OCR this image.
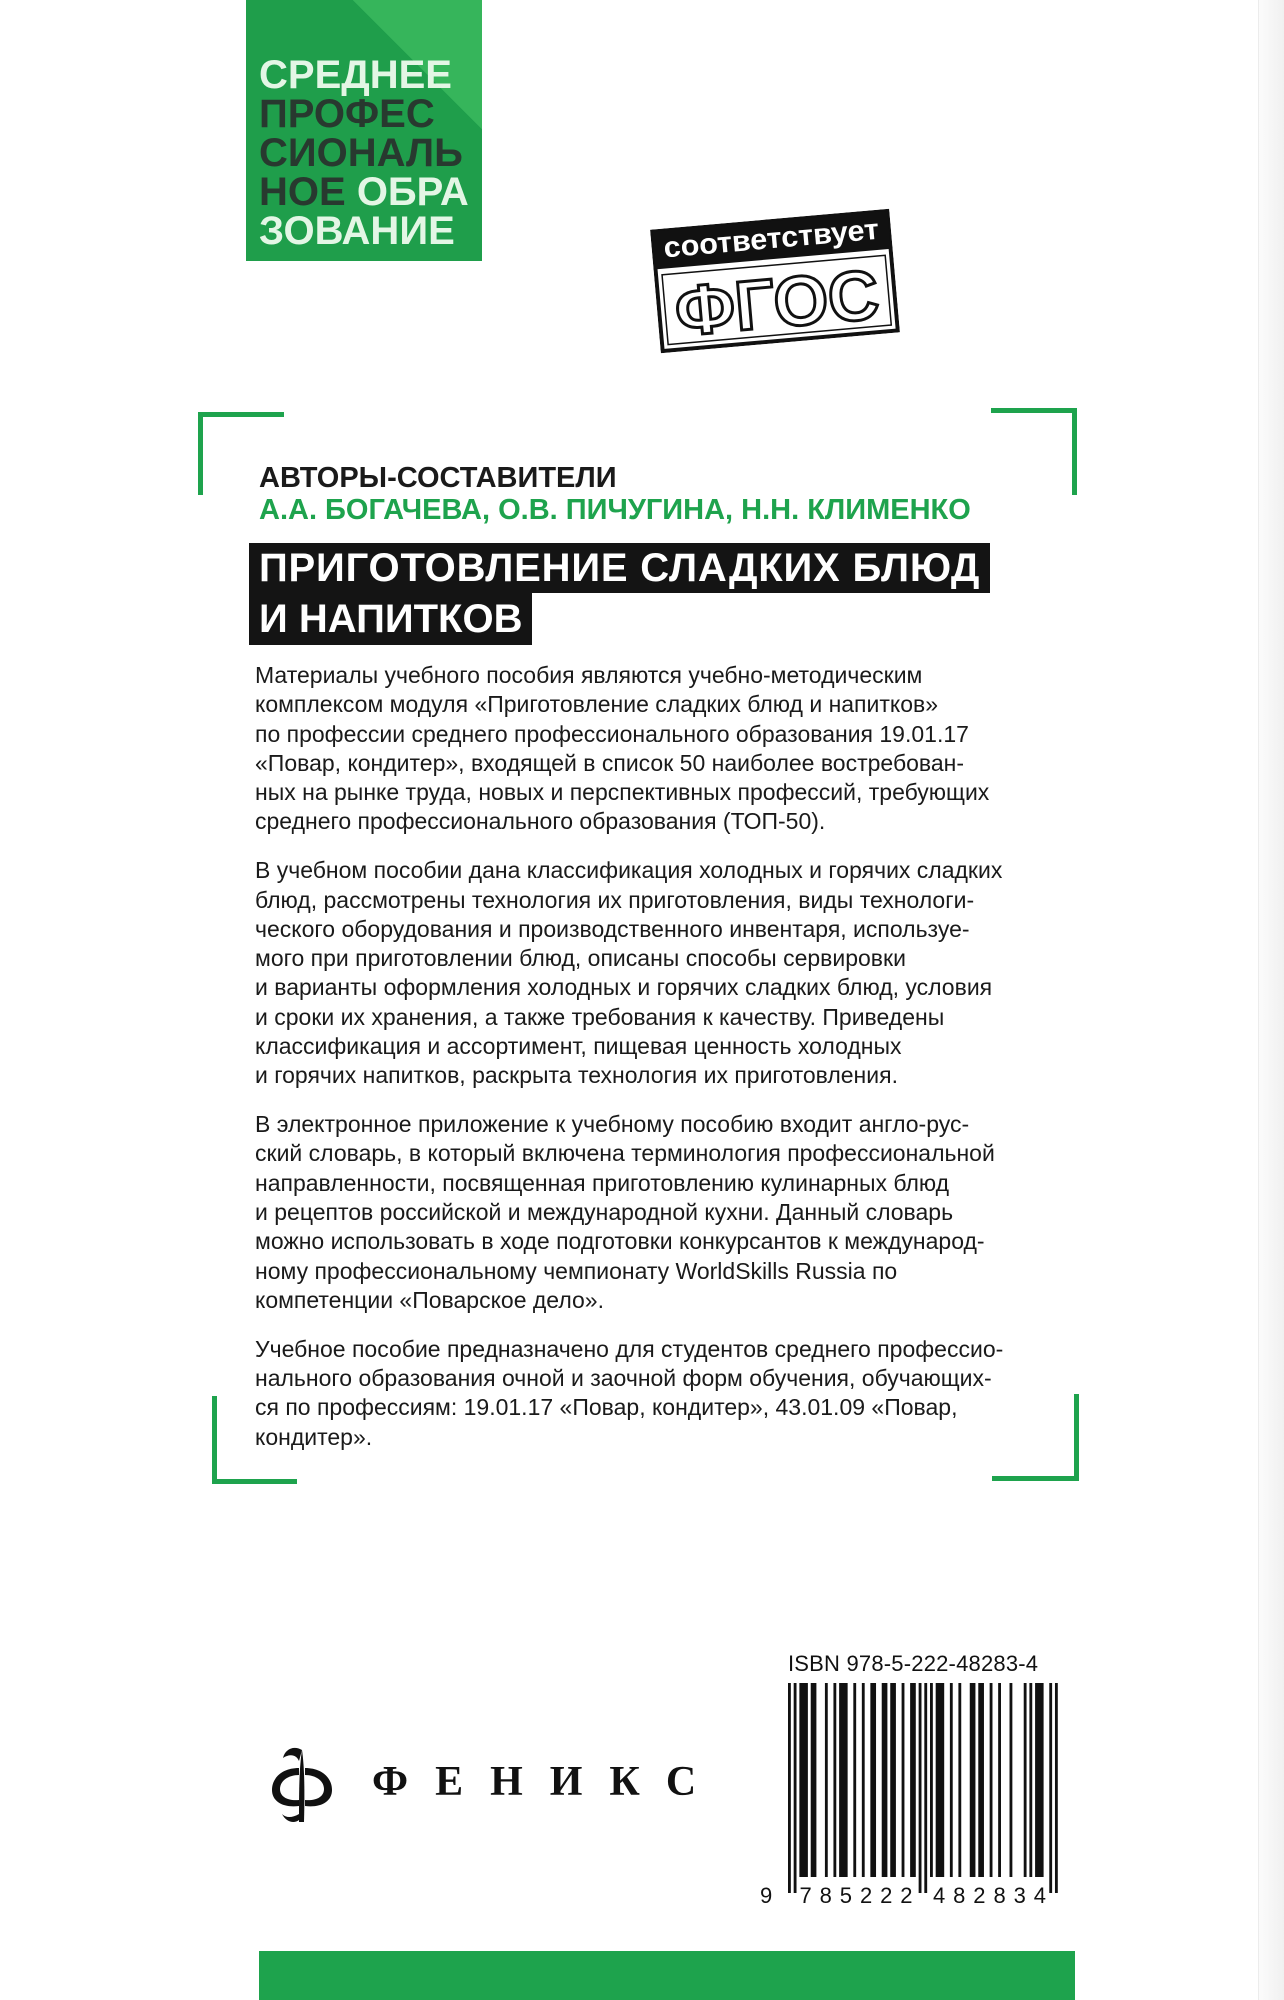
СРЕДНЕЕ
ПРОФЕС
СИОНАЛЬ
НОЕ ОБРА
ЗОВАНИЕ	соответствует
ФГОС
АВТОРЫ-СОСТАВИТЕЛИ
А.А. БОГАЧЕВА, О.В. ПИЧУГИНА, Н.Н. КЛИМЕНКО
ПРИГОТОВЛЕНИЕ СЛАДКИХ БЛЮД
И НАПИТКОВ
Материалы учебного пособия являются учебно-методическим
комплексом модуля «Приготовление сладких блюд и напитков»
по профессии среднего профессионального образования 19.01.17
«Повар, кондитер», входящей в список 50 наиболее востребован-
ных на рынке труда, новых и перспективных профессий, требующих
среднего профессионального образования (ТОП-50).
В учебном пособии дана классификация холодных и горячих сладких
блюд, рассмотрены технология их приготовления, виды технологи-
ческого оборудования и производственного инвентаря, используе-
мого при приготовлении блюд, описаны способы сервировки
и варианты оформления холодных и горячих сладких блюд, условия
и сроки их хранения, а также требования к качеству. Приведены
классификация и ассортимент, пищевая ценность холодных
и горячих напитков, раскрыта технология их приготовления.
В электронное приложение к учебному пособию входит англо-рус-
ский словарь, в который включена терминология профессиональной
направленности, посвященная приготовлению кулинарных блюд
и рецептов российской и международной кухни. Данный словарь
можно использовать в ходе подготовки конкурсантов к международ-
ному профессиональному чемпионату WorldSkills Russia по
компетенции «Поварское дело».
Учебное пособие предназначено для студентов среднего профессио-
нального образования очной и заочной форм обучения, обучающих-
ся по профессиям: 19.01.17 «Повар, кондитер», 43.01.09 «Повар,
кондитер».
ISBN 978-5-222-48283-4
9 785222 482834
ФЕНИКС
